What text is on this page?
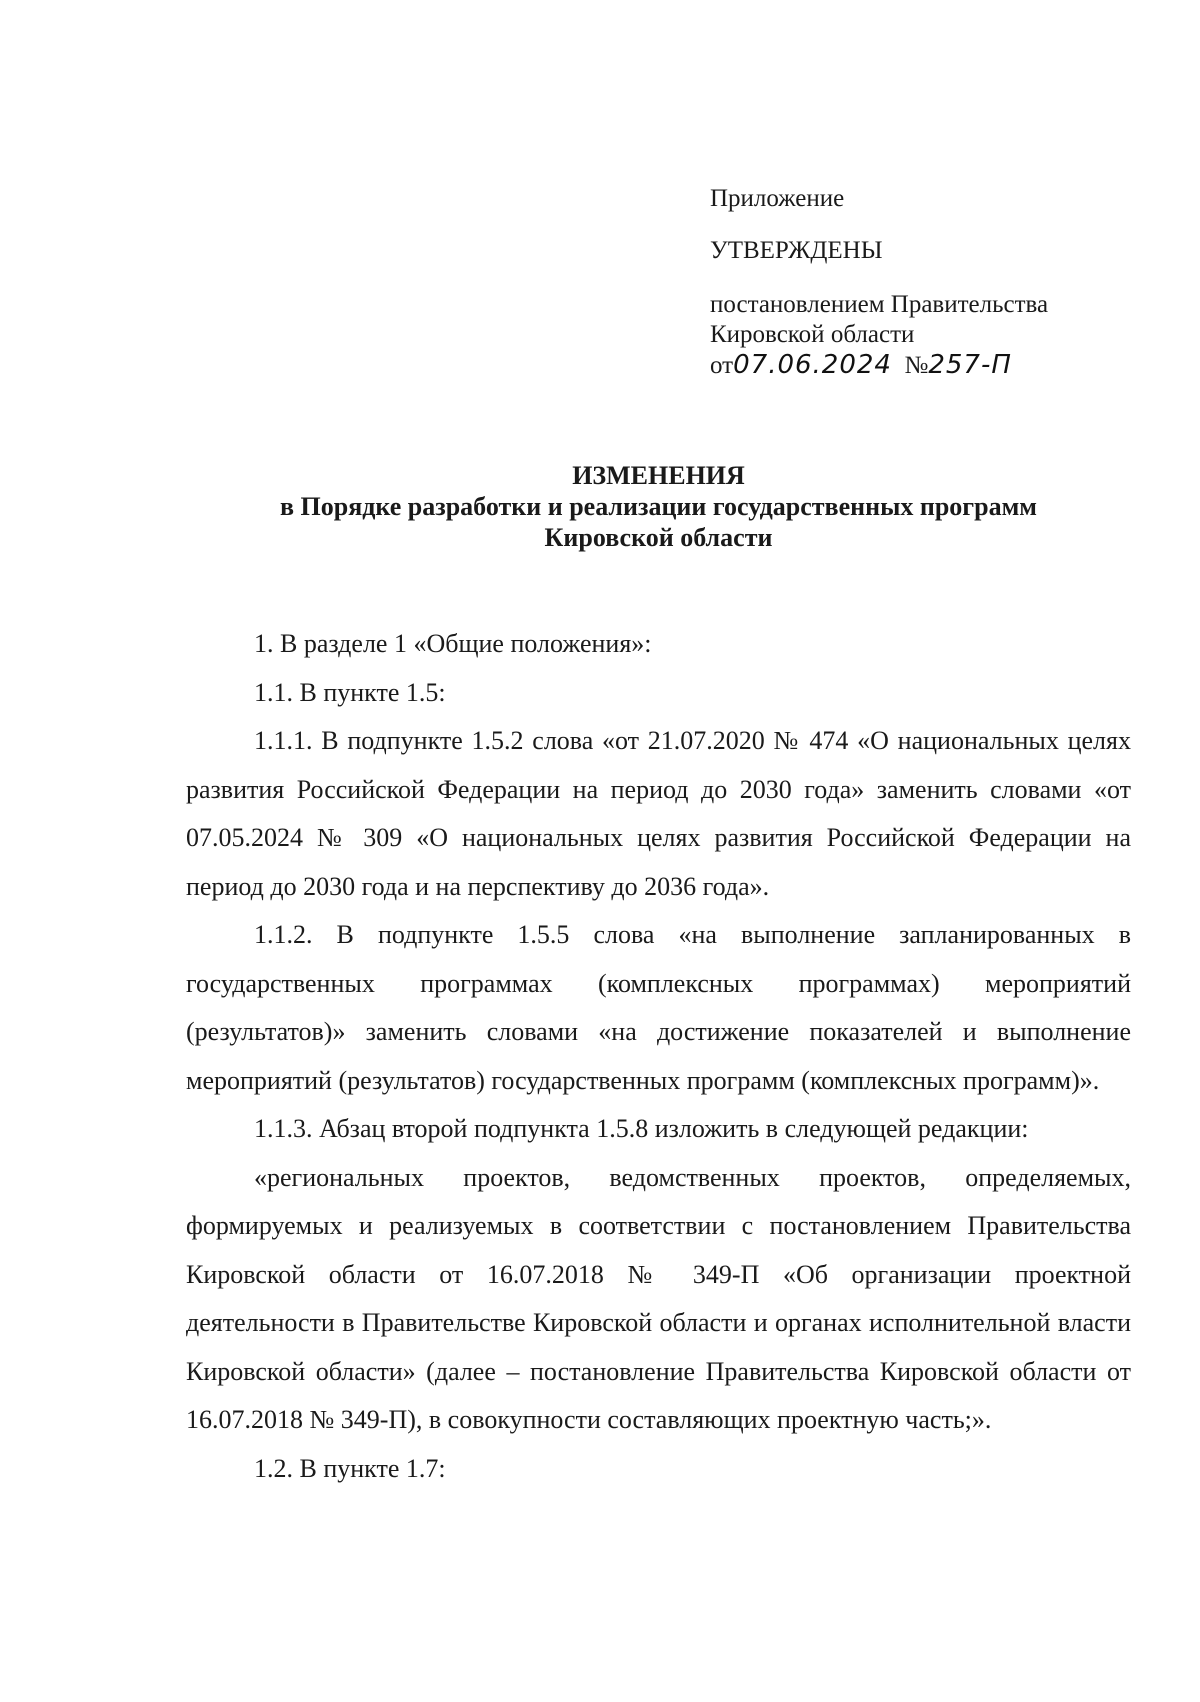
Приложение
УТВЕРЖДЕНЫ
постановлением Правительства
Кировской области
от07.06.2024 №257-П
ИЗМЕНЕНИЯ
в Порядке разработки и реализации государственных программ
Кировской области

1. В разделе 1 «Общие положения»:

1.1. В пункте 1.5:

1.1.1. В подпункте 1.5.2 слова «от 21.07.2020 № 474 «О национальных целях развития Российской Федерации на период до 2030 года» заменить словами «от 07.05.2024 № 309 «О национальных целях развития Российской Федерации на период до 2030 года и на перспективу до 2036 года».

1.1.2. В подпункте 1.5.5 слова «на выполнение запланированных в государственных программах (комплексных программах) мероприятий (результатов)» заменить словами «на достижение показателей и выполнение мероприятий (результатов) государственных программ (комплексных программ)».

1.1.3. Абзац второй подпункта 1.5.8 изложить в следующей редакции:

«региональных проектов, ведомственных проектов, определяемых, формируемых и реализуемых в соответствии с постановлением Правительства Кировской области от 16.07.2018 № 349-П «Об организации проектной деятельности в Правительстве Кировской области и органах исполнительной власти Кировской области» (далее – постановление Правительства Кировской области от 16.07.2018 № 349-П), в совокупности составляющих проектную часть;».

1.2. В пункте 1.7:
